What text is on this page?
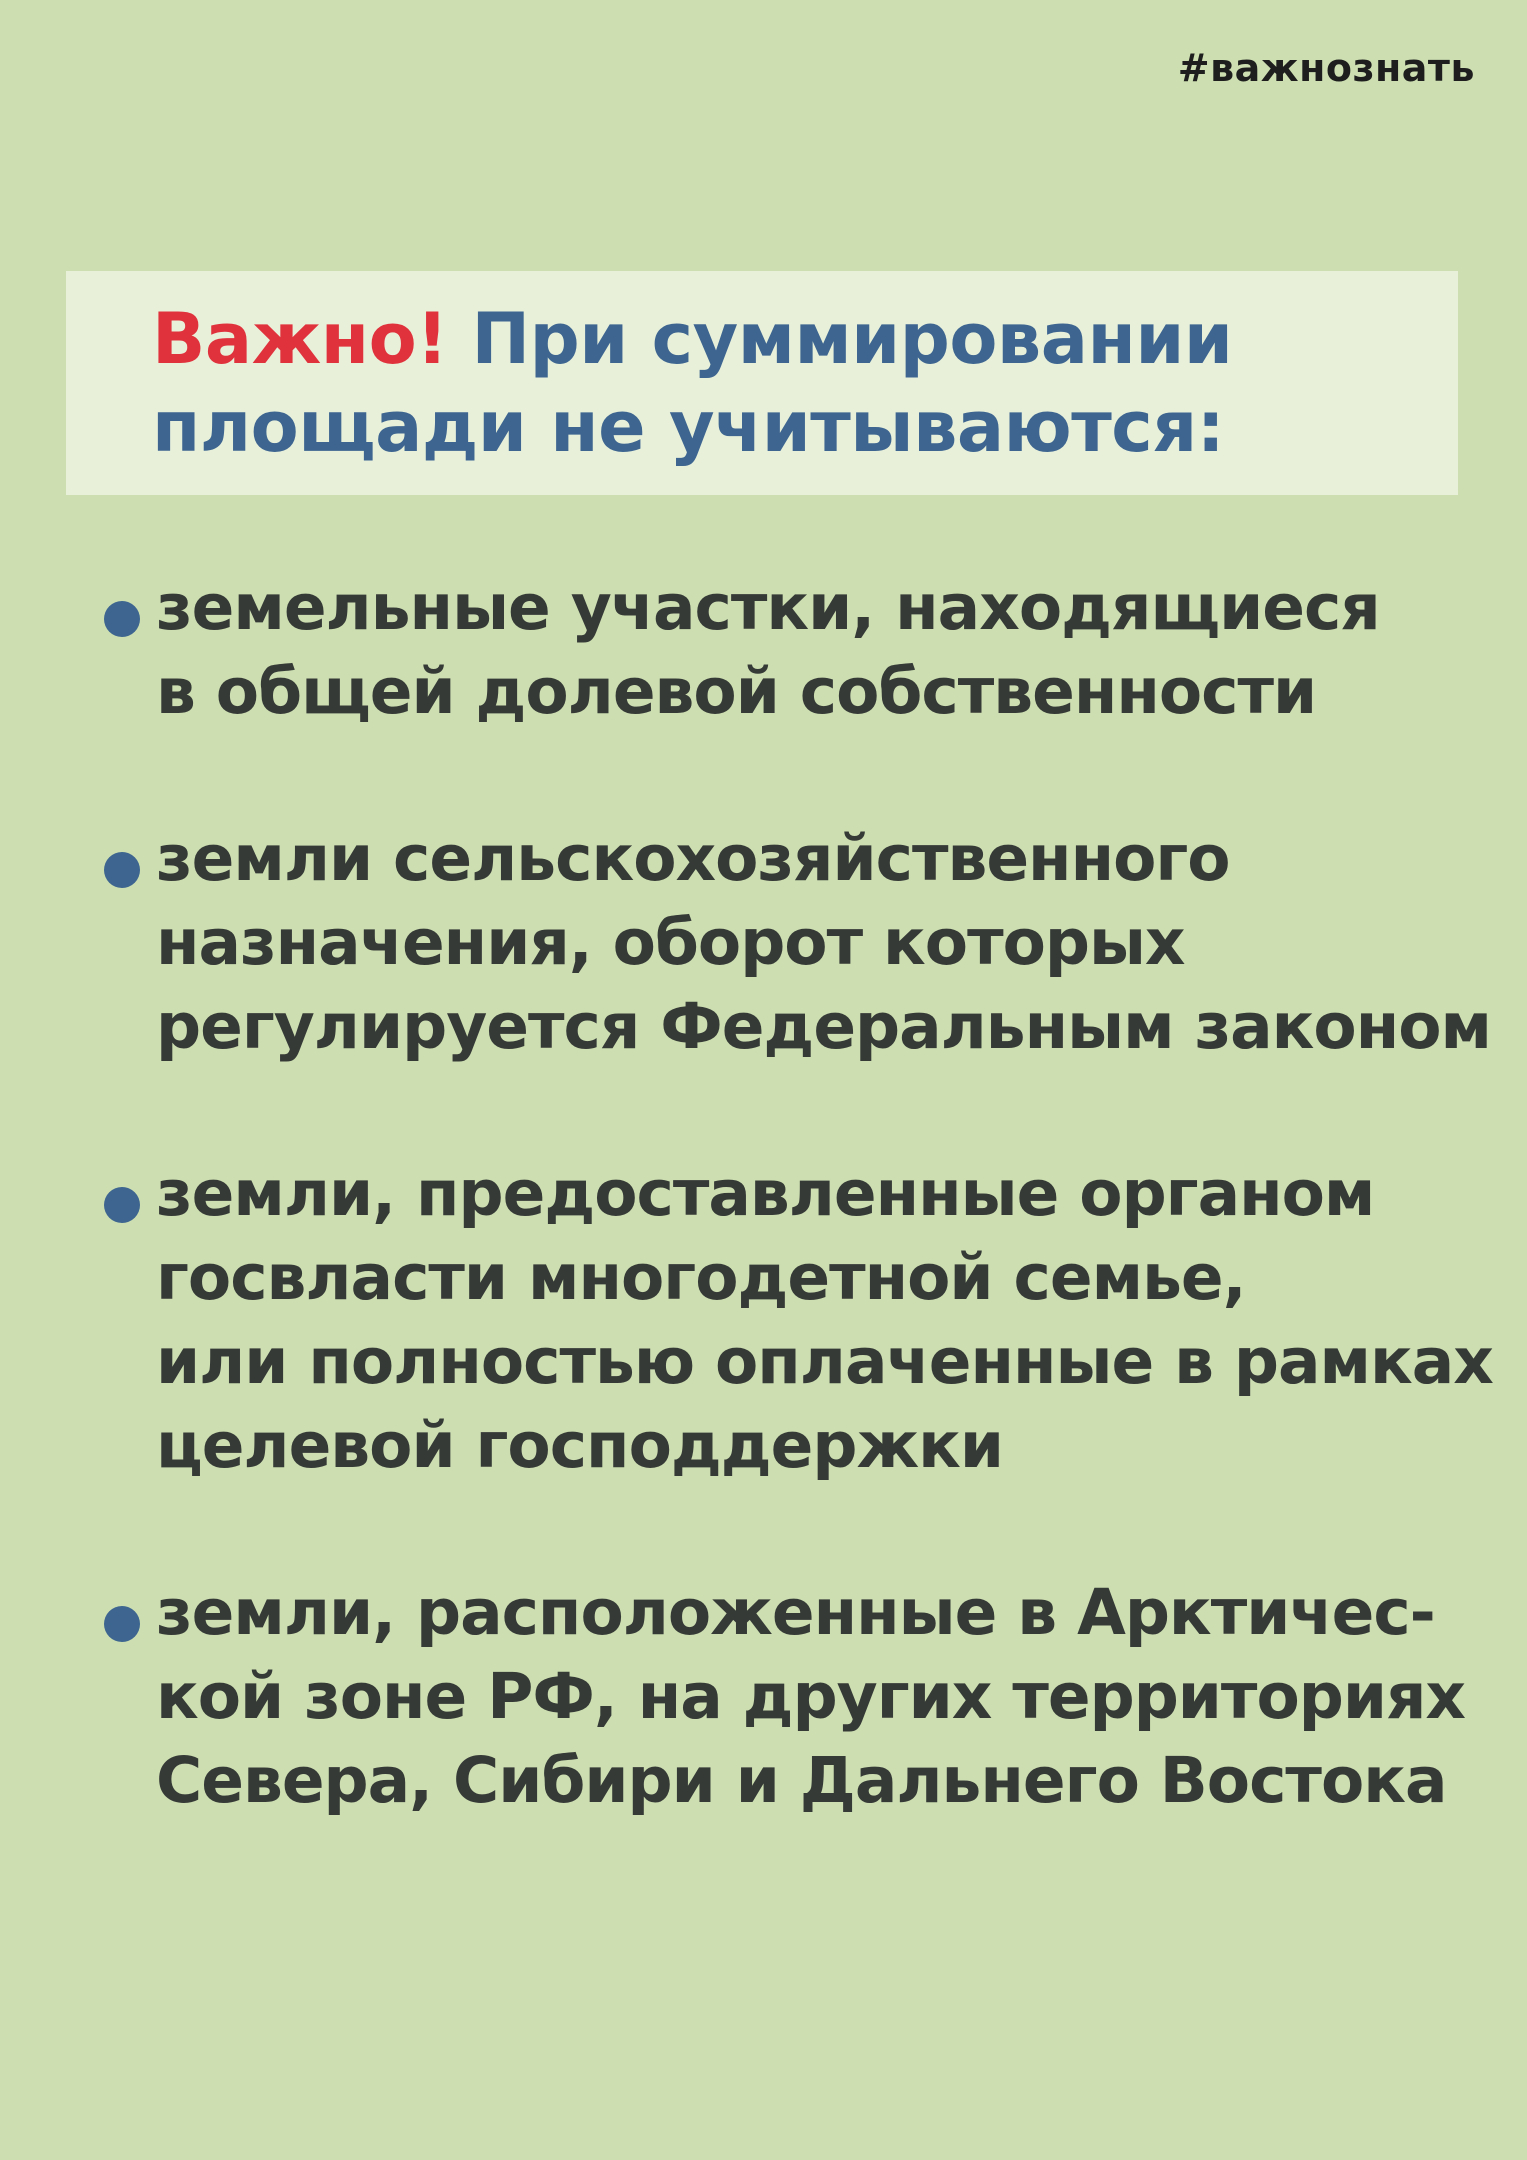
#важнознать
Важно! При суммировании
площади не учитываются:
земельные участки, находящиеся
в общей долевой собственности
земли сельскохозяйственного
назначения, оборот которых
регулируется Федеральным законом
земли, предоставленные органом
госвласти многодетной семье,
или полностью оплаченные в рамках
целевой господдержки
земли, расположенные в Арктичес-
кой зоне РФ, на других территориях
Севера, Сибири и Дальнего Востока
